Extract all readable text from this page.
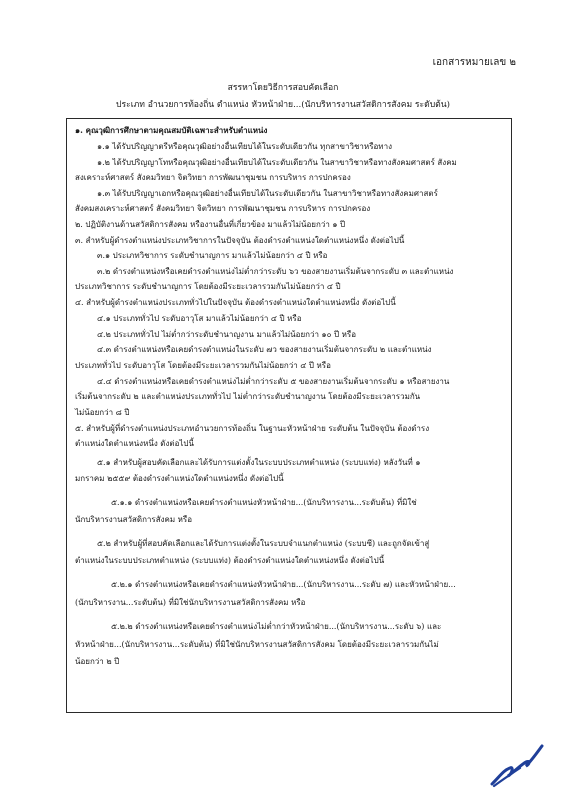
เอกสารหมายเลข ๒
สรรหาโดยวิธีการสอบคัดเลือก
ประเภท อำนวยการท้องถิ่น ตำแหน่ง หัวหน้าฝ่าย...(นักบริหารงานสวัสดิการสังคม ระดับต้น)
๑. คุณวุฒิการศึกษาตามคุณสมบัติเฉพาะสำหรับตำแหน่ง
๑.๑ ได้รับปริญญาตรีหรือคุณวุฒิอย่างอื่นเทียบได้ในระดับเดียวกัน ทุกสาขาวิชาหรือทาง
๑.๒ ได้รับปริญญาโทหรือคุณวุฒิอย่างอื่นเทียบได้ในระดับเดียวกัน ในสาขาวิชาหรือทางสังคมศาสตร์ สังคม
สงเคราะห์ศาสตร์ สังคมวิทยา จิตวิทยา การพัฒนาชุมชน การบริหาร การปกครอง
๑.๓ ได้รับปริญญาเอกหรือคุณวุฒิอย่างอื่นเทียบได้ในระดับเดียวกัน ในสาขาวิชาหรือทางสังคมศาสตร์
สังคมสงเคราะห์ศาสตร์ สังคมวิทยา จิตวิทยา การพัฒนาชุมชน การบริหาร การปกครอง
๒. ปฏิบัติงานด้านสวัสดิการสังคม หรืองานอื่นที่เกี่ยวข้อง มาแล้วไม่น้อยกว่า ๑ ปี
๓. สำหรับผู้ดำรงตำแหน่งประเภทวิชาการในปัจจุบัน ต้องดำรงตำแหน่งใดตำแหน่งหนึ่ง ดังต่อไปนี้
๓.๑ ประเภทวิชาการ ระดับชำนาญการ มาแล้วไม่น้อยกว่า ๔ ปี หรือ
๓.๒ ดำรงตำแหน่งหรือเคยดำรงตำแหน่งไม่ต่ำกว่าระดับ ๖ว ของสายงานเริ่มต้นจากระดับ ๓ และตำแหน่ง
ประเภทวิชาการ ระดับชำนาญการ โดยต้องมีระยะเวลารวมกันไม่น้อยกว่า ๔ ปี
๔. สำหรับผู้ดำรงตำแหน่งประเภททั่วไปในปัจจุบัน ต้องดำรงตำแหน่งใดตำแหน่งหนึ่ง ดังต่อไปนี้
๔.๑ ประเภททั่วไป ระดับอาวุโส มาแล้วไม่น้อยกว่า ๔ ปี หรือ
๔.๒ ประเภททั่วไป ไม่ต่ำกว่าระดับชำนาญงาน มาแล้วไม่น้อยกว่า ๑๐ ปี หรือ
๔.๓ ดำรงตำแหน่งหรือเคยดำรงตำแหน่งในระดับ ๗ว ของสายงานเริ่มต้นจากระดับ ๒ และตำแหน่ง
ประเภททั่วไป ระดับอาวุโส โดยต้องมีระยะเวลารวมกันไม่น้อยกว่า ๔ ปี หรือ
๔.๔ ดำรงตำแหน่งหรือเคยดำรงตำแหน่งไม่ต่ำกว่าระดับ ๕ ของสายงานเริ่มต้นจากระดับ ๑ หรือสายงาน
เริ่มต้นจากระดับ ๒ และตำแหน่งประเภททั่วไป ไม่ต่ำกว่าระดับชำนาญงาน โดยต้องมีระยะเวลารวมกัน
ไม่น้อยกว่า ๘ ปี
๕. สำหรับผู้ที่ดำรงตำแหน่งประเภทอำนวยการท้องถิ่น ในฐานะหัวหน้าฝ่าย ระดับต้น ในปัจจุบัน ต้องดำรง
ตำแหน่งใดตำแหน่งหนึ่ง ดังต่อไปนี้
๕.๑ สำหรับผู้สอบคัดเลือกและได้รับการแต่งตั้งในระบบประเภทตำแหน่ง (ระบบแท่ง) หลังวันที่ ๑
มกราคม ๒๕๕๙ ต้องดำรงตำแหน่งใดตำแหน่งหนึ่ง ดังต่อไปนี้
๕.๑.๑ ดำรงตำแหน่งหรือเคยดำรงตำแหน่งหัวหน้าฝ่าย...(นักบริหารงาน...ระดับต้น) ที่มิใช่
นักบริหารงานสวัสดิการสังคม หรือ
๕.๒ สำหรับผู้ที่สอบคัดเลือกและได้รับการแต่งตั้งในระบบจำแนกตำแหน่ง (ระบบซี) และถูกจัดเข้าสู่
ตำแหน่งในระบบประเภทตำแหน่ง (ระบบแท่ง) ต้องดำรงตำแหน่งใดตำแหน่งหนึ่ง ดังต่อไปนี้
๕.๒.๑ ดำรงตำแหน่งหรือเคยดำรงตำแหน่งหัวหน้าฝ่าย...(นักบริหารงาน...ระดับ ๗) และหัวหน้าฝ่าย...
(นักบริหารงาน...ระดับต้น) ที่มิใช่นักบริหารงานสวัสดิการสังคม หรือ
๕.๒.๒ ดำรงตำแหน่งหรือเคยดำรงตำแหน่งไม่ต่ำกว่าหัวหน้าฝ่าย...(นักบริหารงาน...ระดับ ๖) และ
หัวหน้าฝ่าย...(นักบริหารงาน...ระดับต้น) ที่มิใช่นักบริหารงานสวัสดิการสังคม โดยต้องมีระยะเวลารวมกันไม่
น้อยกว่า ๒ ปี
